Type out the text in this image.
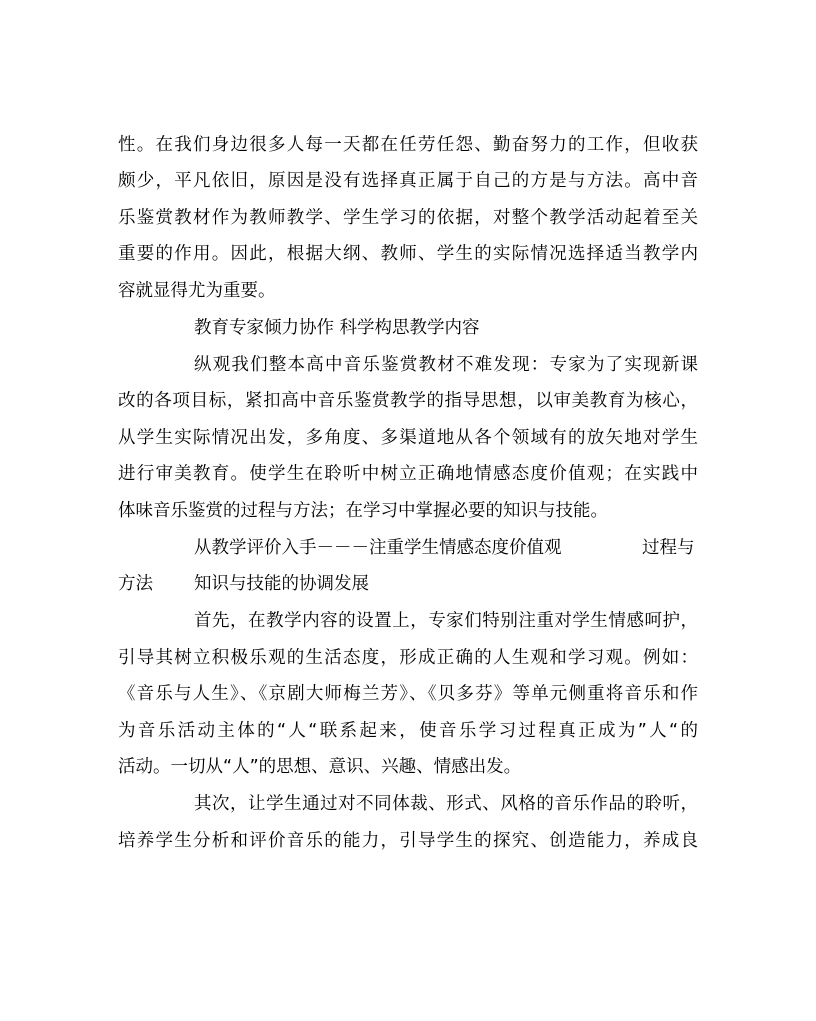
性。在我们身边很多人每一天都在任劳任怨、勤奋努力的工作，但收获
颇少，平凡依旧，原因是没有选择真正属于自己的方是与方法。高中音
乐鉴赏教材作为教师教学、学生学习的依据，对整个教学活动起着至关
重要的作用。因此，根据大纲、教师、学生的实际情况选择适当教学内
容就显得尤为重要。
教育专家倾力协作 科学构思教学内容
纵观我们整本高中音乐鉴赏教材不难发现：专家为了实现新课
改的各项目标，紧扣高中音乐鉴赏教学的指导思想，以审美教育为核心，
从学生实际情况出发，多角度、多渠道地从各个领域有的放矢地对学生
进行审美教育。使学生在聆听中树立正确地情感态度价值观；在实践中
体味音乐鉴赏的过程与方法；在学习中掌握必要的知识与技能。
从教学评价入手－－－注重学生情感态度价值观	过程与
方法 知识与技能的协调发展
首先，在教学内容的设置上，专家们特别注重对学生情感呵护，
引导其树立积极乐观的生活态度，形成正确的人生观和学习观。例如：
《音乐与人生》、《京剧大师梅兰芳》、《贝多芬》等单元侧重将音乐和作
为音乐活动主体的“人“联系起来，使音乐学习过程真正成为”人“的
活动。一切从“人”的思想、意识、兴趣、情感出发。
其次，让学生通过对不同体裁、形式、风格的音乐作品的聆听，
培养学生分析和评价音乐的能力，引导学生的探究、创造能力，养成良
